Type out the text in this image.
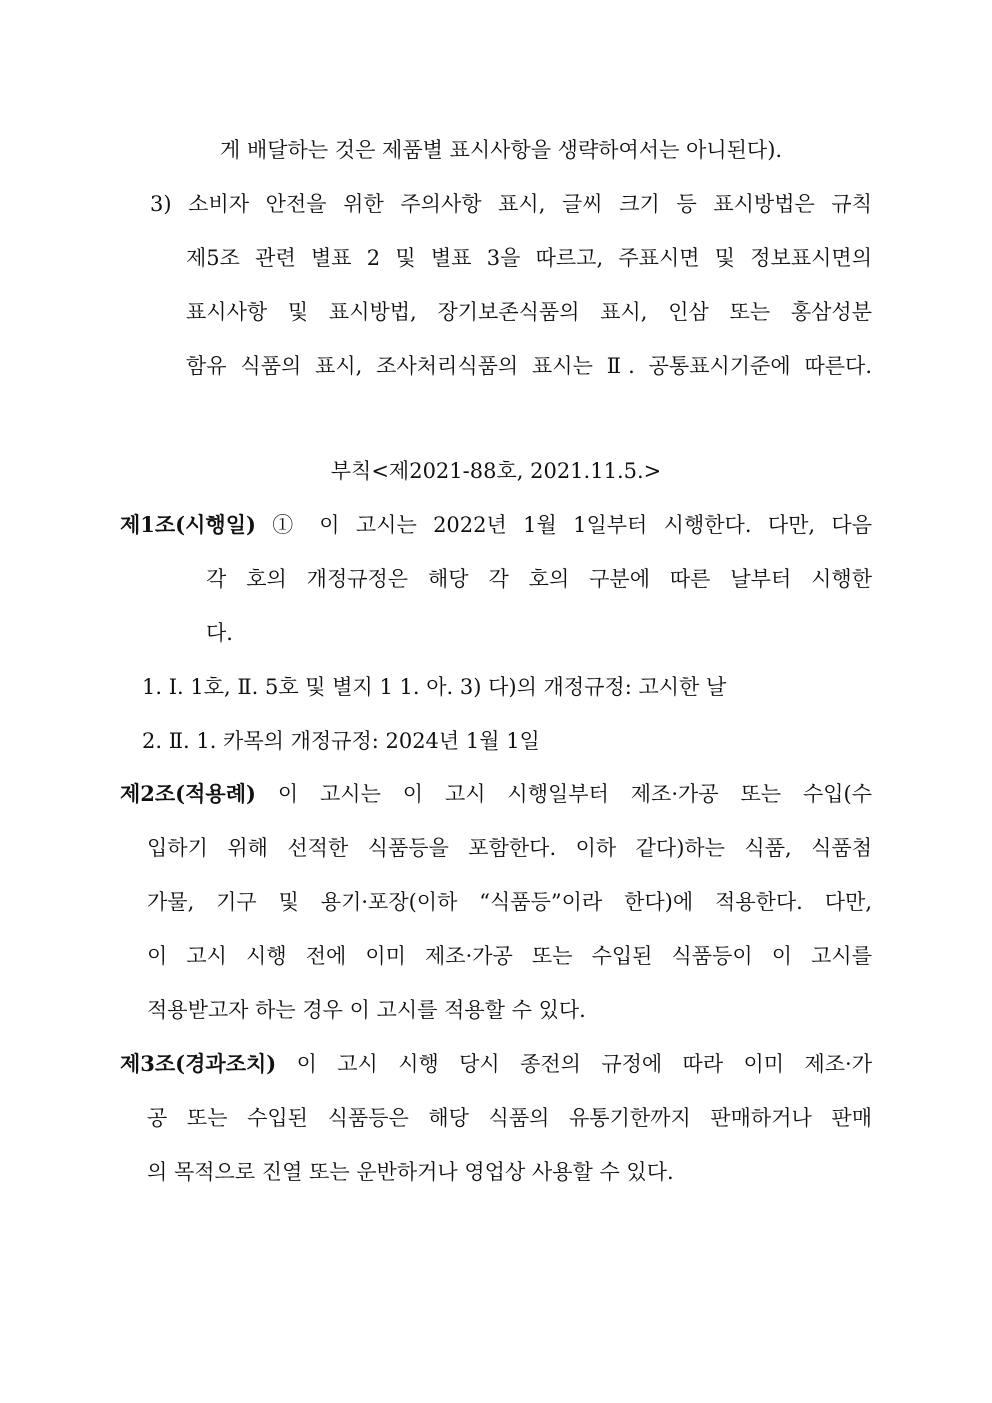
게 배달하는 것은 제품별 표시사항을 생략하여서는 아니된다).

3) 소비자 안전을 위한 주의사항 표시, 글씨 크기 등 표시방법은 규칙

제5조 관련 별표 2 및 별표 3을 따르고, 주표시면 및 정보표시면의

표시사항 및 표시방법, 장기보존식품의 표시, 인삼 또는 홍삼성분

함유 식품의 표시, 조사처리식품의 표시는 Ⅱ. 공통표시기준에 따른다.

부칙<제2021-88호, 2021.11.5.>

제1조(시행일) ① 이 고시는 2022년 1월 1일부터 시행한다. 다만, 다음

각 호의 개정규정은 해당 각 호의 구분에 따른 날부터 시행한

다.

1. Ⅰ. 1호, Ⅱ. 5호 및 별지 1 1. 아. 3) 다)의 개정규정: 고시한 날

2. Ⅱ. 1. 카목의 개정규정: 2024년 1월 1일

제2조(적용례) 이 고시는 이 고시 시행일부터 제조·가공 또는 수입(수

입하기 위해 선적한 식품등을 포함한다. 이하 같다)하는 식품, 식품첨

가물, 기구 및 용기·포장(이하 “식품등”이라 한다)에 적용한다. 다만,

이 고시 시행 전에 이미 제조·가공 또는 수입된 식품등이 이 고시를

적용받고자 하는 경우 이 고시를 적용할 수 있다.

제3조(경과조치) 이 고시 시행 당시 종전의 규정에 따라 이미 제조·가

공 또는 수입된 식품등은 해당 식품의 유통기한까지 판매하거나 판매

의 목적으로 진열 또는 운반하거나 영업상 사용할 수 있다.
